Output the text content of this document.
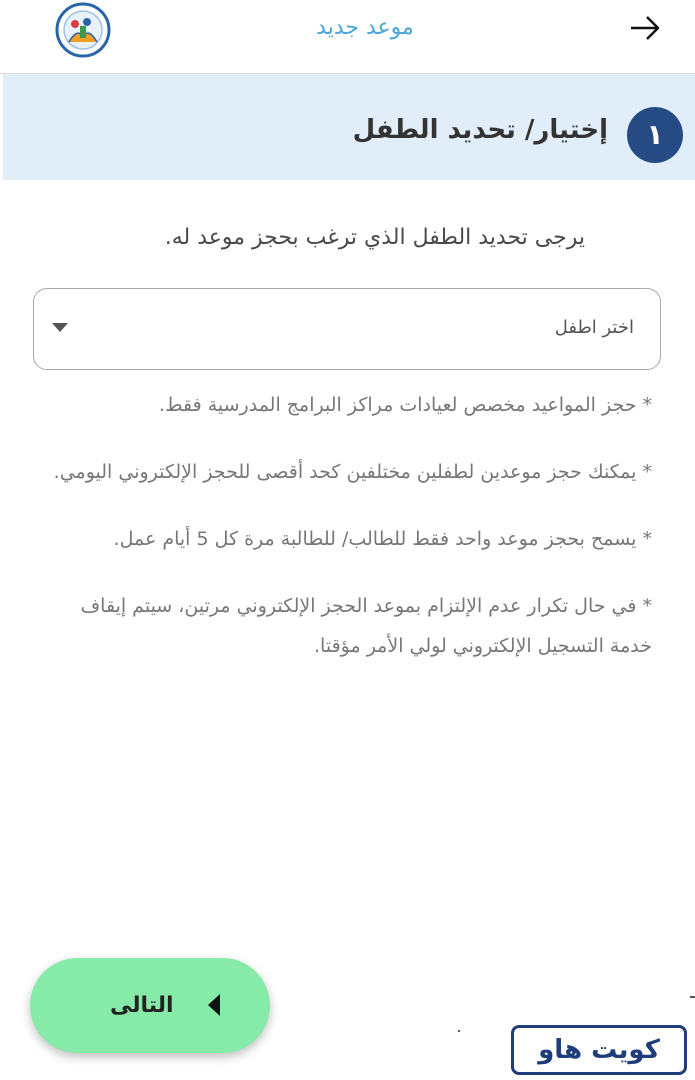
موعد جديد
١
إختيار/ تحديد الطفل
يرجى تحديد الطفل الذي ترغب بحجز موعد له.
اختر اطفل

* حجز المواعيد مخصص لعيادات مراكز البرامج المدرسية فقط.

* يمكنك حجز موعدين لطفلين مختلفين كحد أقصى للحجز الإلكتروني اليومي.

* يسمح بحجز موعد واحد فقط للطالب/ للطالبة مرة كل 5 أيام عمل.

* في حال تكرار عدم الإلتزام بموعد الحجز الإلكتروني مرتين، سيتم إيقاف خدمة التسجيل الإلكتروني لولي الأمر مؤقتا.

التالى
كويت هاو
